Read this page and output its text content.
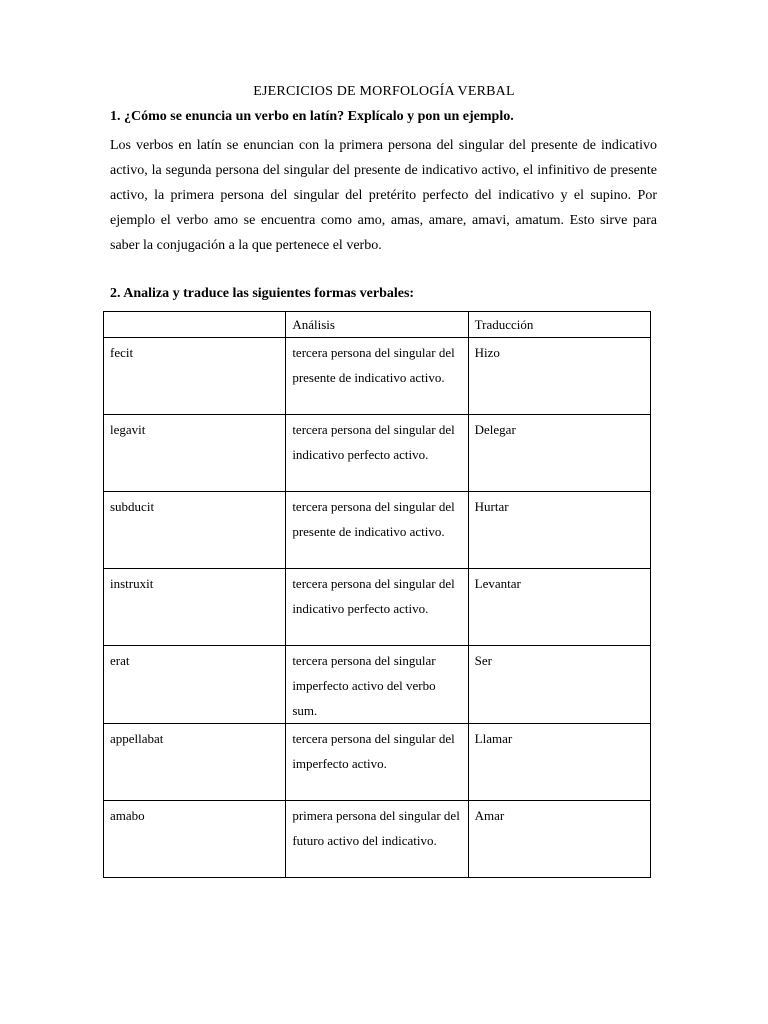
EJERCICIOS DE MORFOLOGÍA VERBAL
1. ¿Cómo se enuncia un verbo en latín? Explícalo y pon un ejemplo.

Los verbos en latín se enuncian con la primera persona del singular del presente de indicativo activo, la segunda persona del singular del presente de indicativo activo, el infinitivo de presente activo, la primera persona del singular del pretérito perfecto del indicativo y el supino. Por ejemplo el verbo amo se encuentra como amo, amas, amare, amavi, amatum. Esto sirve para saber la conjugación a la que pertenece el verbo.

2. Analiza y traduce las siguientes formas verbales:
	Análisis	Traducción
fecit	tercera persona del singular del presente de indicativo activo.	Hizo
legavit	tercera persona del singular del indicativo perfecto activo.	Delegar
subducit	tercera persona del singular del presente de indicativo activo.	Hurtar
instruxit	tercera persona del singular del indicativo perfecto activo.	Levantar
erat	tercera persona del singular imperfecto activo del verbo sum.	Ser
appellabat	tercera persona del singular del imperfecto activo.	Llamar
amabo	primera persona del singular del futuro activo del indicativo.	Amar
